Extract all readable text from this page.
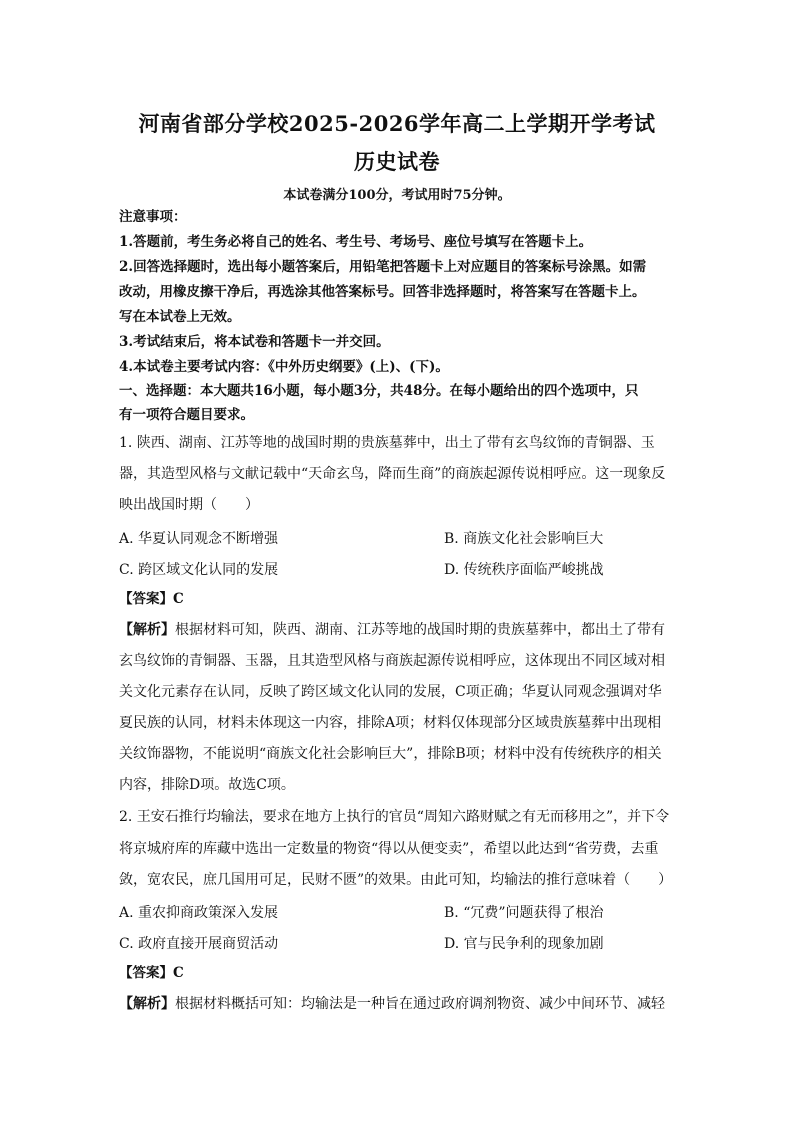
河南省部分学校2025-2026学年高二上学期开学考试
历史试卷
本试卷满分100分，考试用时75分钟。
注意事项：
1.答题前，考生务必将自己的姓名、考生号、考场号、座位号填写在答题卡上。
2.回答选择题时，选出每小题答案后，用铅笔把答题卡上对应题目的答案标号涂黑。如需
改动，用橡皮擦干净后，再选涂其他答案标号。回答非选择题时，将答案写在答题卡上。
写在本试卷上无效。
3.考试结束后，将本试卷和答题卡一并交回。
4.本试卷主要考试内容：《中外历史纲要》(上)、(下)。
一、选择题：本大题共16小题，每小题3分，共48分。在每小题给出的四个选项中，只
有一项符合题目要求。
1. 陕西、湖南、江苏等地的战国时期的贵族墓葬中，出土了带有玄鸟纹饰的青铜器、玉
器，其造型风格与文献记载中“天命玄鸟，降而生商”的商族起源传说相呼应。这一现象反
映出战国时期（　　）
A. 华夏认同观念不断增强	B. 商族文化社会影响巨大
C. 跨区域文化认同的发展	D. 传统秩序面临严峻挑战
【答案】C
【解析】根据材料可知，陕西、湖南、江苏等地的战国时期的贵族墓葬中，都出土了带有
玄鸟纹饰的青铜器、玉器，且其造型风格与商族起源传说相呼应，这体现出不同区域对相
关文化元素存在认同，反映了跨区域文化认同的发展，C项正确；华夏认同观念强调对华
夏民族的认同，材料未体现这一内容，排除A项；材料仅体现部分区域贵族墓葬中出现相
关纹饰器物，不能说明“商族文化社会影响巨大”，排除B项；材料中没有传统秩序的相关
内容，排除D项。故选C项。
2. 王安石推行均输法，要求在地方上执行的官员“周知六路财赋之有无而移用之”，并下令
将京城府库的库藏中选出一定数量的物资“得以从便变卖”，希望以此达到“省劳费，去重
敛，宽农民，庶几国用可足，民财不匮”的效果。由此可知，均输法的推行意味着（　　）
A. 重农抑商政策深入发展	B. “冗费”问题获得了根治
C. 政府直接开展商贸活动	D. 官与民争利的现象加剧
【答案】C
【解析】根据材料概括可知：均输法是一种旨在通过政府调剂物资、减少中间环节、减轻
